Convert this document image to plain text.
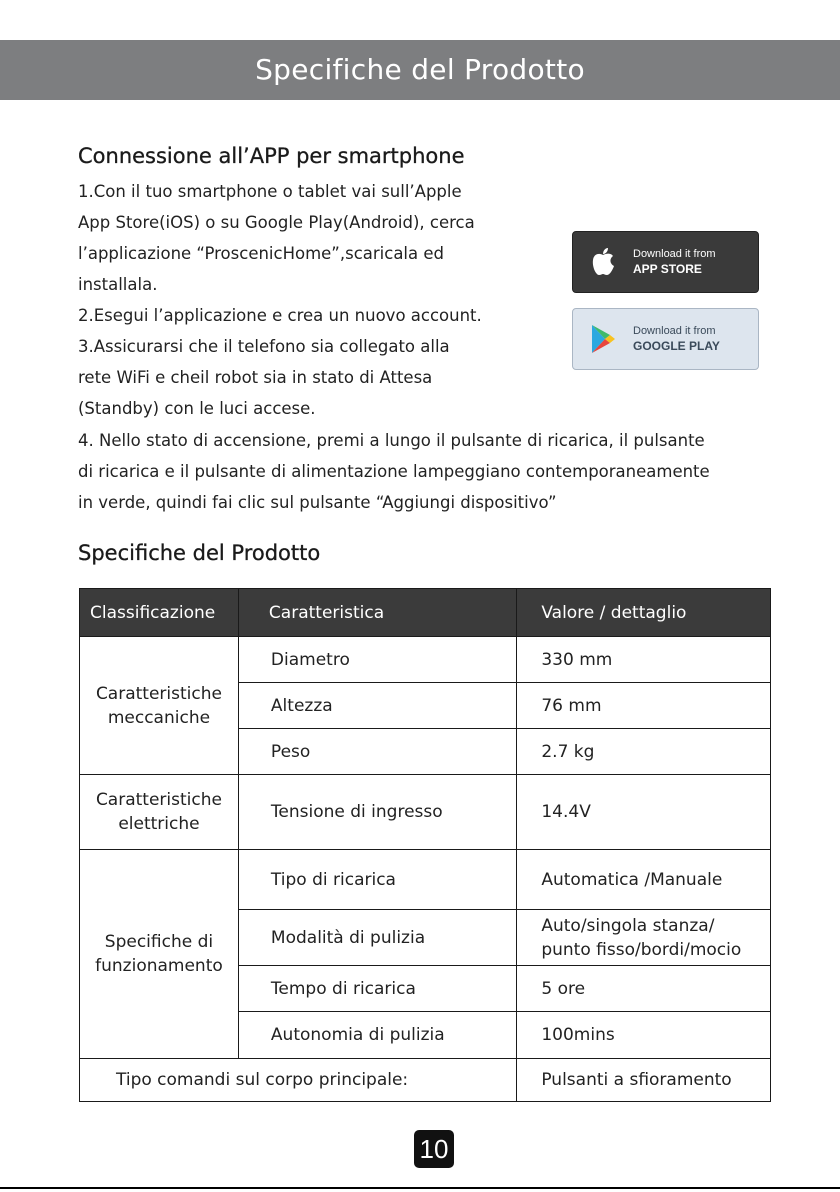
Specifiche del Prodotto
Connessione all’APP per smartphone

1.Con il tuo smartphone o tablet vai sull’Apple
App Store(iOS) o su Google Play(Android), cerca
l’applicazione “ProscenicHome”,scaricala ed
installala.
2.Esegui l’applicazione e crea un nuovo account.
3.Assicurarsi che il telefono sia collegato alla
rete WiFi e cheil robot sia in stato di Attesa
(Standby) con le luci accese.

4. Nello stato di accensione, premi a lungo il pulsante di ricarica, il pulsante
di ricarica e il pulsante di alimentazione lampeggiano contemporaneamente
in verde, quindi fai clic sul pulsante “Aggiungi dispositivo”

Download it from
APP STORE
Download it from
GOOGLE PLAY
Specifiche del Prodotto
Classificazione	Caratteristica	Valore / dettaglio
Caratteristiche
meccaniche	Diametro	330 mm
	Altezza	76 mm
	Peso	2.7 kg
Caratteristiche
elettriche	Tensione di ingresso	14.4V
Specifiche di
funzionamento	Tipo di ricarica	Automatica /Manuale
	Modalità di pulizia	Auto/singola stanza/
punto fisso/bordi/mocio
	Tempo di ricarica	5 ore
	Autonomia di pulizia	100mins
Tipo comandi sul corpo principale:		Pulsanti a sfioramento
10
